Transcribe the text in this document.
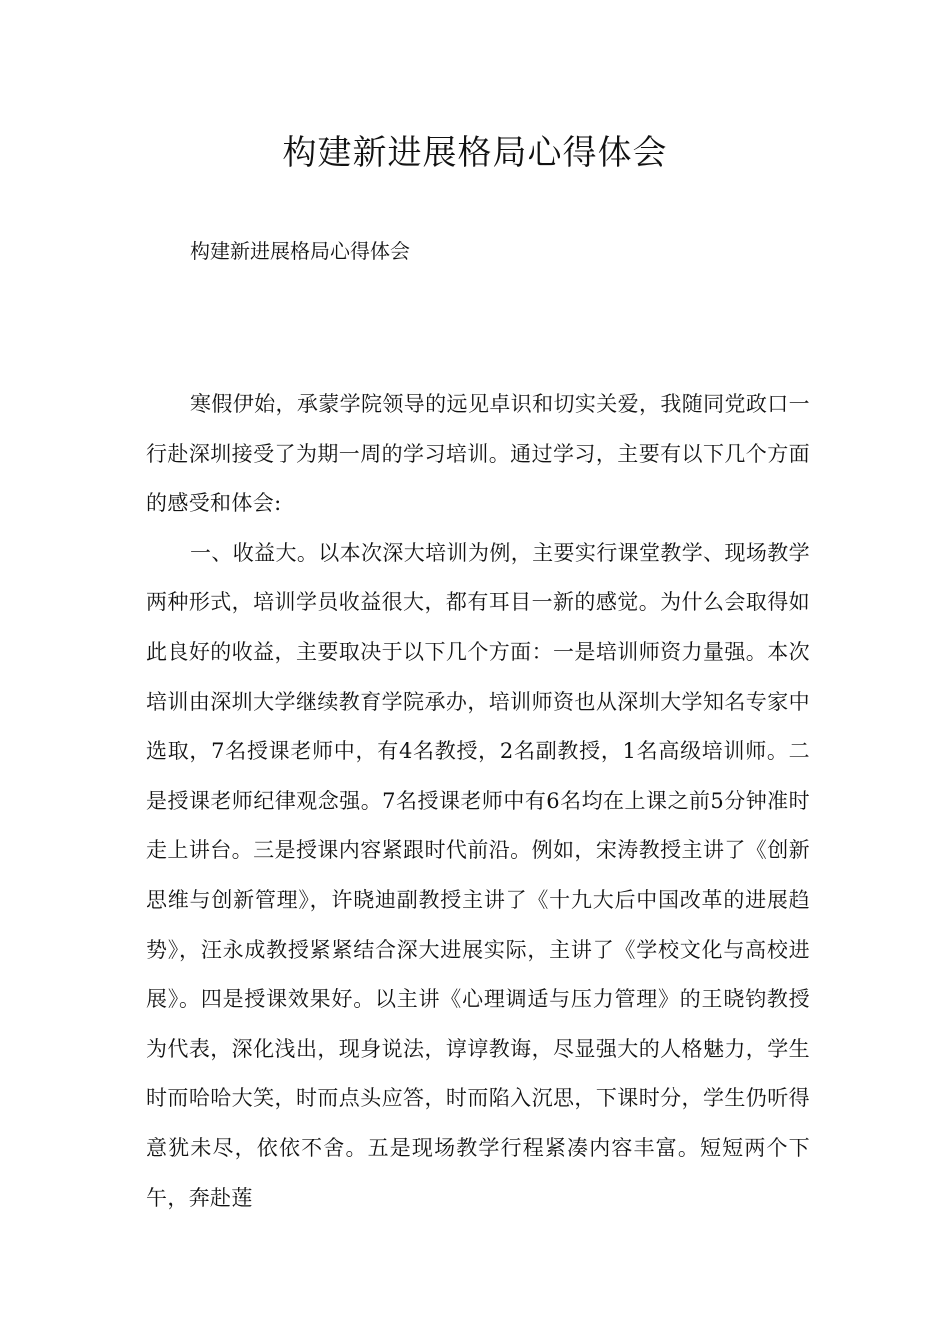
构建新进展格局心得体会

构建新进展格局心得体会

寒假伊始，承蒙学院领导的远见卓识和切实关爱，我随同党政口一行赴深圳接受了为期一周的学习培训。通过学习，主要有以下几个方面的感受和体会:

一、收益大。以本次深大培训为例，主要实行课堂教学、现场教学两种形式，培训学员收益很大，都有耳目一新的感觉。为什么会取得如此良好的收益，主要取决于以下几个方面：一是培训师资力量强。本次培训由深圳大学继续教育学院承办，培训师资也从深圳大学知名专家中选取，7名授课老师中，有4名教授，2名副教授，1名高级培训师。二是授课老师纪律观念强。7名授课老师中有6名均在上课之前5分钟准时走上讲台。三是授课内容紧跟时代前沿。例如，宋涛教授主讲了《创新思维与创新管理》，许晓迪副教授主讲了《十九大后中国改革的进展趋势》，汪永成教授紧紧结合深大进展实际，主讲了《学校文化与高校进展》。四是授课效果好。以主讲《心理调适与压力管理》的王晓钧教授为代表，深化浅出，现身说法，谆谆教诲，尽显强大的人格魅力，学生时而哈哈大笑，时而点头应答，时而陷入沉思，下课时分，学生仍听得意犹未尽，依依不舍。五是现场教学行程紧凑内容丰富。短短两个下午，奔赴莲
